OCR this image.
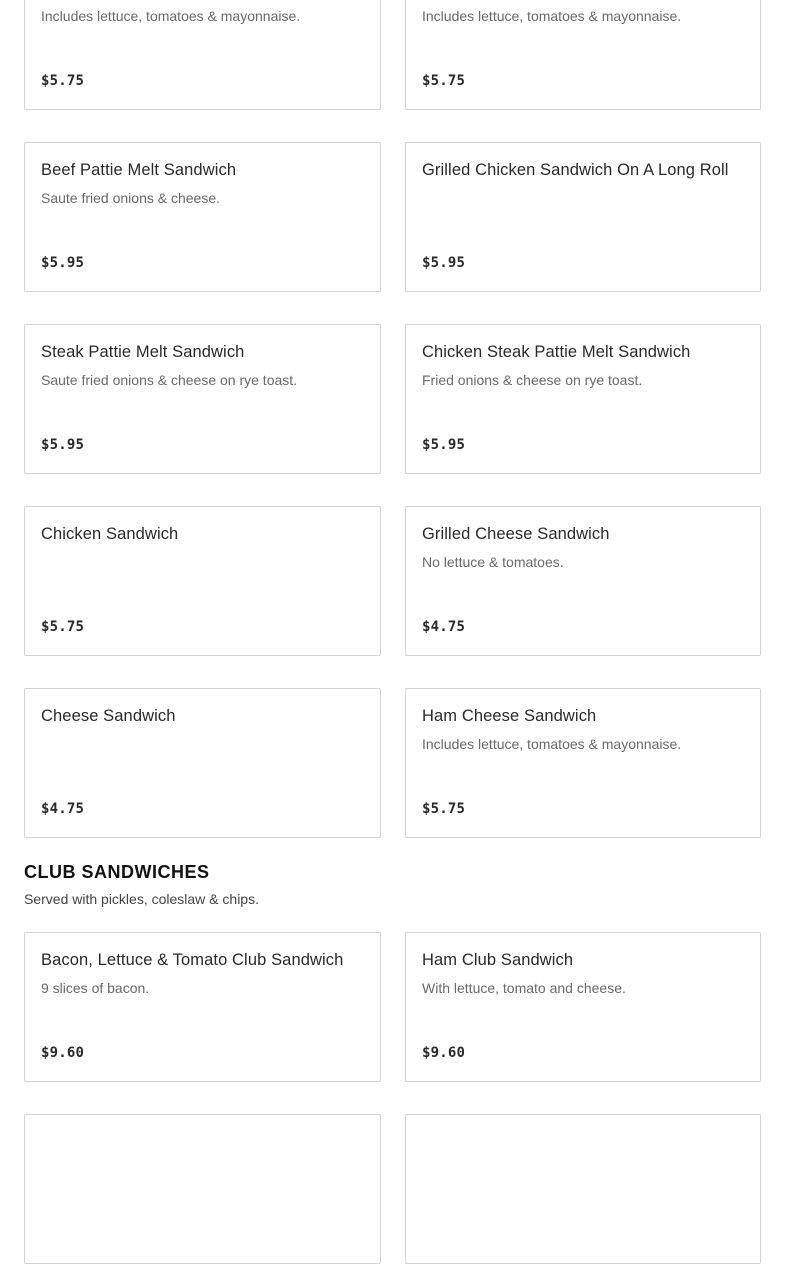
Includes lettuce, tomatoes & mayonnaise.
$5.75
Includes lettuce, tomatoes & mayonnaise.
$5.75
Beef Pattie Melt Sandwich
Saute fried onions & cheese.
$5.95
Grilled Chicken Sandwich On A Long Roll
$5.95
Steak Pattie Melt Sandwich
Saute fried onions & cheese on rye toast.
$5.95
Chicken Steak Pattie Melt Sandwich
Fried onions & cheese on rye toast.
$5.95
Chicken Sandwich
$5.75
Grilled Cheese Sandwich
No lettuce & tomatoes.
$4.75
Cheese Sandwich
$4.75
Ham Cheese Sandwich
Includes lettuce, tomatoes & mayonnaise.
$5.75
CLUB SANDWICHES
Served with pickles, coleslaw & chips.
Bacon, Lettuce & Tomato Club Sandwich
9 slices of bacon.
$9.60
Ham Club Sandwich
With lettuce, tomato and cheese.
$9.60
